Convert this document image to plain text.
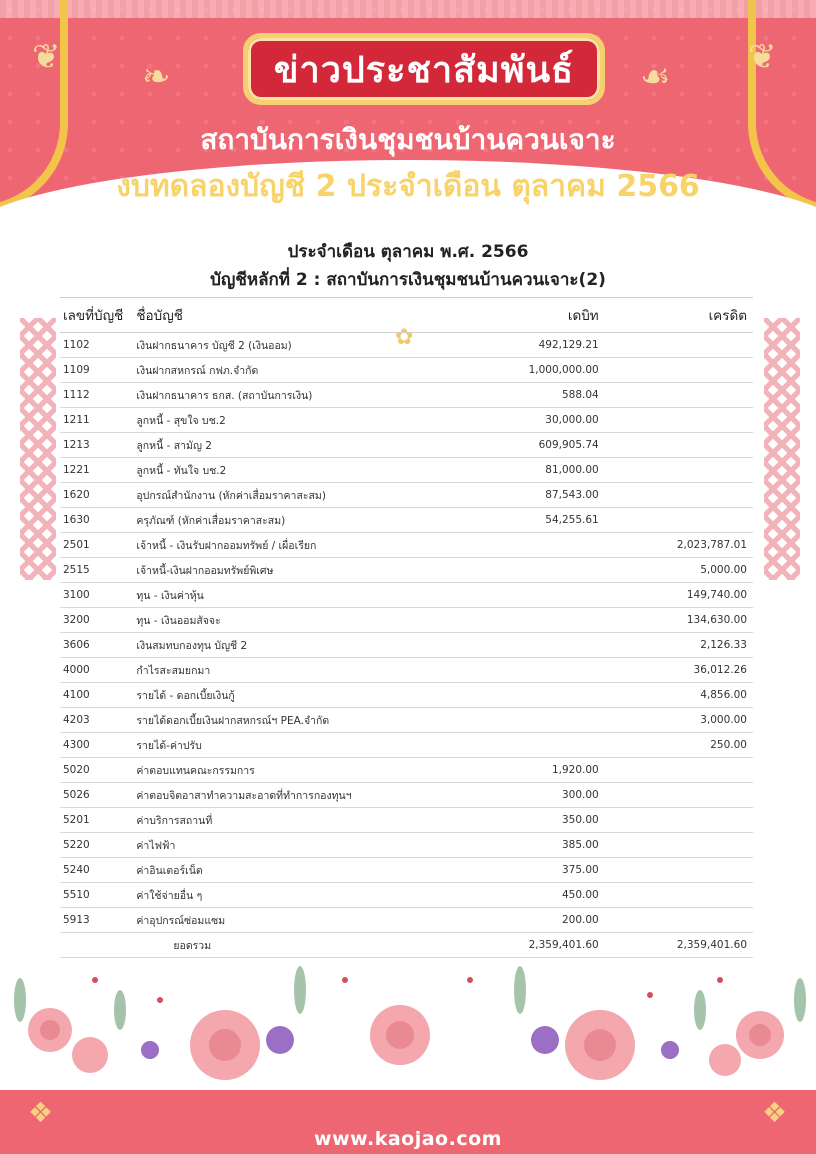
❦ ❧	☙ ❦
ข่าวประชาสัมพันธ์
สถาบันการเงินชุมชนบ้านควนเจาะ
งบทดลองบัญชี 2 ประจำเดือน ตุลาคม 2566
ประจำเดือน ตุลาคม พ.ศ. 2566
บัญชีหลักที่ 2 : สถาบันการเงินชุมชนบ้านควนเจาะ(2)
✿
เลขที่บัญชี	ชื่อบัญชี	เดบิท	เครดิต
1102	เงินฝากธนาคาร บัญชี 2 (เงินออม)	492,129.21	
1109	เงินฝากสหกรณ์ กฟภ.จำกัด	1,000,000.00	
1112	เงินฝากธนาคาร ธกส. (สถาบันการเงิน)	588.04	
1211	ลูกหนี้ - สุขใจ บช.2	30,000.00	
1213	ลูกหนี้ - สามัญ 2	609,905.74	
1221	ลูกหนี้ - ทันใจ บช.2	81,000.00	
1620	อุปกรณ์สำนักงาน (หักค่าเสื่อมราคาสะสม)	87,543.00	
1630	ครุภัณฑ์ (หักค่าเสื่อมราคาสะสม)	54,255.61	
2501	เจ้าหนี้ - เงินรับฝากออมทรัพย์ / เผื่อเรียก		2,023,787.01
2515	เจ้าหนี้-เงินฝากออมทรัพย์พิเศษ		5,000.00
3100	ทุน - เงินค่าหุ้น		149,740.00
3200	ทุน - เงินออมสัจจะ		134,630.00
3606	เงินสมทบกองทุน บัญชี 2		2,126.33
4000	กำไรสะสมยกมา		36,012.26
4100	รายได้ - ดอกเบี้ยเงินกู้		4,856.00
4203	รายได้ดอกเบี้ยเงินฝากสหกรณ์ฯ PEA.จำกัด		3,000.00
4300	รายได้-ค่าปรับ		250.00
5020	ค่าตอบแทนคณะกรรมการ	1,920.00	
5026	ค่าตอบจิตอาสาทำความสะอาดที่ทำการกองทุนฯ	300.00	
5201	ค่าบริการสถานที่	350.00	
5220	ค่าไฟฟ้า	385.00	
5240	ค่าอินเตอร์เน็ต	375.00	
5510	ค่าใช้จ่ายอื่น ๆ	450.00	
5913	ค่าอุปกรณ์ซ่อมแซม	200.00	
	ยอดรวม	2,359,401.60	2,359,401.60
❖	❖
www.kaojao.com
